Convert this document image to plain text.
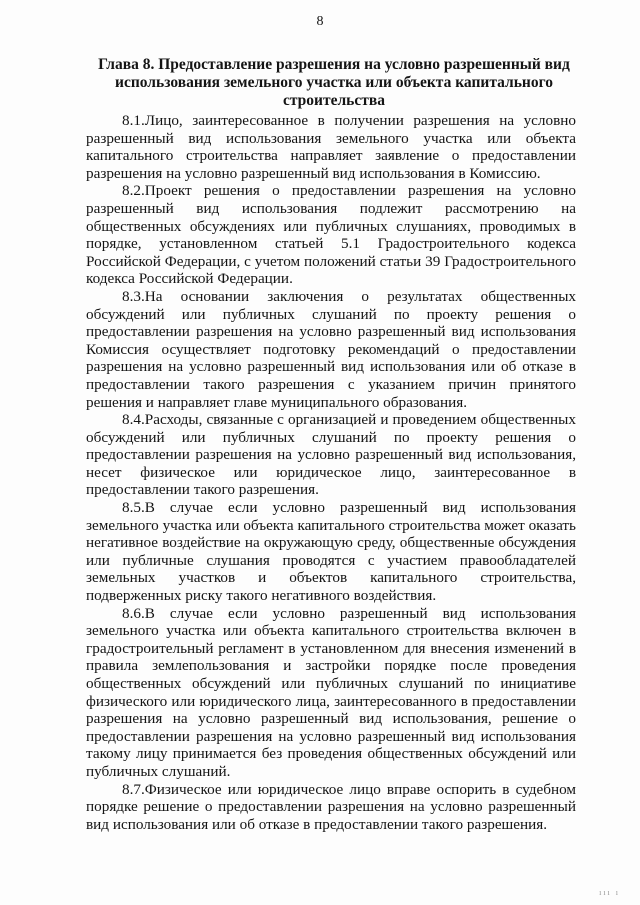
8
Глава 8. Предоставление разрешения на условно разрешенный вид использования земельного участка или объекта капитального строительства

8.1.Лицо, заинтересованное в получении разрешения на условно разрешенный вид использования земельного участка или объекта капитального строительства направляет заявление о предоставлении разрешения на условно разрешенный вид использования в Комиссию.

8.2.Проект решения о предоставлении разрешения на условно разрешенный вид использования подлежит рассмотрению на общественных обсуждениях или публичных слушаниях, проводимых в порядке, установленном статьей 5.1 Градостроительного кодекса Российской Федерации, с учетом положений статьи 39 Градостроительного кодекса Российской Федерации.

8.3.На основании заключения о результатах общественных обсуждений или публичных слушаний по проекту решения о предоставлении разрешения на условно разрешенный вид использования Комиссия осуществляет подготовку рекомендаций о предоставлении разрешения на условно разрешенный вид использования или об отказе в предоставлении такого разрешения с указанием причин принятого решения и направляет главе муниципального образования.

8.4.Расходы, связанные с организацией и проведением общественных обсуждений или публичных слушаний по проекту решения о предоставлении разрешения на условно разрешенный вид использования, несет физическое или юридическое лицо, заинтересованное в предоставлении такого разрешения.

8.5.В случае если условно разрешенный вид использования земельного участка или объекта капитального строительства может оказать негативное воздействие на окружающую среду, общественные обсуждения или публичные слушания проводятся с участием правообладателей земельных участков и объектов капитального строительства, подверженных риску такого негативного воздействия.

8.6.В случае если условно разрешенный вид использования земельного участка или объекта капитального строительства включен в градостроительный регламент в установленном для внесения изменений в правила землепользования и застройки порядке после проведения общественных обсуждений или публичных слушаний по инициативе физического или юридического лица, заинтересованного в предоставлении разрешения на условно разрешенный вид использования, решение о предоставлении разрешения на условно разрешенный вид использования такому лицу принимается без проведения общественных обсуждений или публичных слушаний.

8.7.Физическое или юридическое лицо вправе оспорить в судебном порядке решение о предоставлении разрешения на условно разрешенный вид использования или об отказе в предоставлении такого разрешения.

ııı ı
